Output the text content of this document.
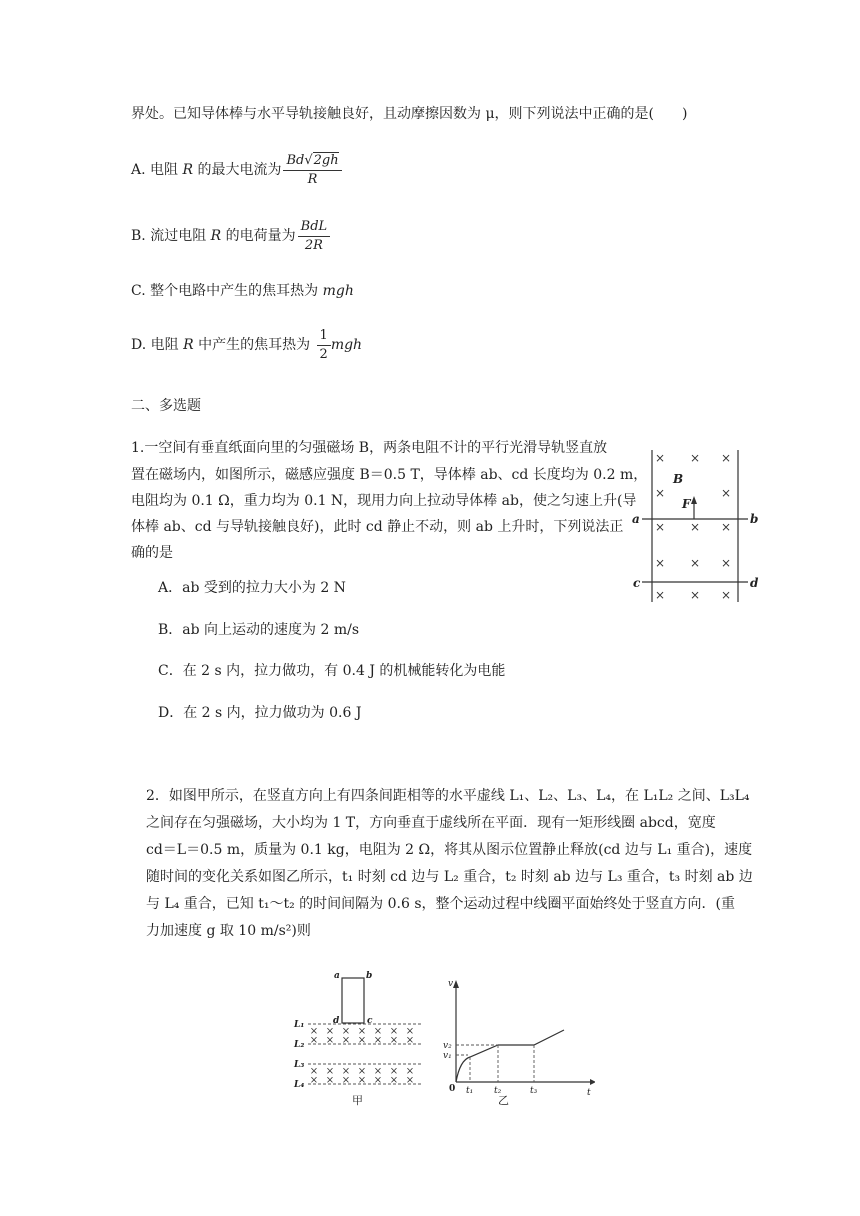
界处。已知导体棒与水平导轨接触良好，且动摩擦因数为 μ，则下列说法中正确的是(　　)
A. 电阻 R 的最大电流为 $\frac{Bd√2gh}{R}$
B. 流过电阻 R 的电荷量为 $\frac{\text{BdL}}{2R}$
C. 整个电路中产生的焦耳热为 mgh
D. 电阻 R 中产生的焦耳热为 $\frac{1}{2}$ mgh
二、多选题
1.一空间有垂直纸面向里的匀强磁场 B，两条电阻不计的平行光滑导轨竖直放
置在磁场内，如图所示，磁感应强度 B＝0.5 T，导体棒 ab、cd 长度均为 0.2 m，
电阻均为 0.1 Ω，重力均为 0.1 N，现用力向上拉动导体棒 ab，使之匀速上升(导
体棒 ab、cd 与导轨接触良好)，此时 cd 静止不动，则 ab 上升时，下列说法正
确的是
A．ab 受到的拉力大小为 2 N
B．ab 向上运动的速度为 2 m/s
C．在 2 s 内，拉力做功，有 0.4 J 的机械能转化为电能
D．在 2 s 内，拉力做功为 0.6 J
× × ×
×	×
× × ×
× × ×
× × ×
B
F
a	b
c	d
2．如图甲所示，在竖直方向上有四条间距相等的水平虚线 L₁、L₂、L₃、L₄，在 L₁L₂ 之间、L₃L₄
之间存在匀强磁场，大小均为 1 T，方向垂直于虚线所在平面．现有一矩形线圈 abcd，宽度
cd＝L＝0.5 m，质量为 0.1 kg，电阻为 2 Ω，将其从图示位置静止释放(cd 边与 L₁ 重合)，速度
随时间的变化关系如图乙所示，t₁ 时刻 cd 边与 L₂ 重合，t₂ 时刻 ab 边与 L₃ 重合，t₃ 时刻 ab 边
与 L₄ 重合，已知 t₁～t₂ 的时间间隔为 0.6 s，整个运动过程中线圈平面始终处于竖直方向．(重
力加速度 g 取 10 m/s²)则
× × × × × × ×
× × × × × × ×
× × × × × × ×
× × × × × × ×
a	b
d	c
L₁
L₂
L₃
L₄
甲
v
t
v₂
v₁
t₁ t₂	t₃
0
乙
